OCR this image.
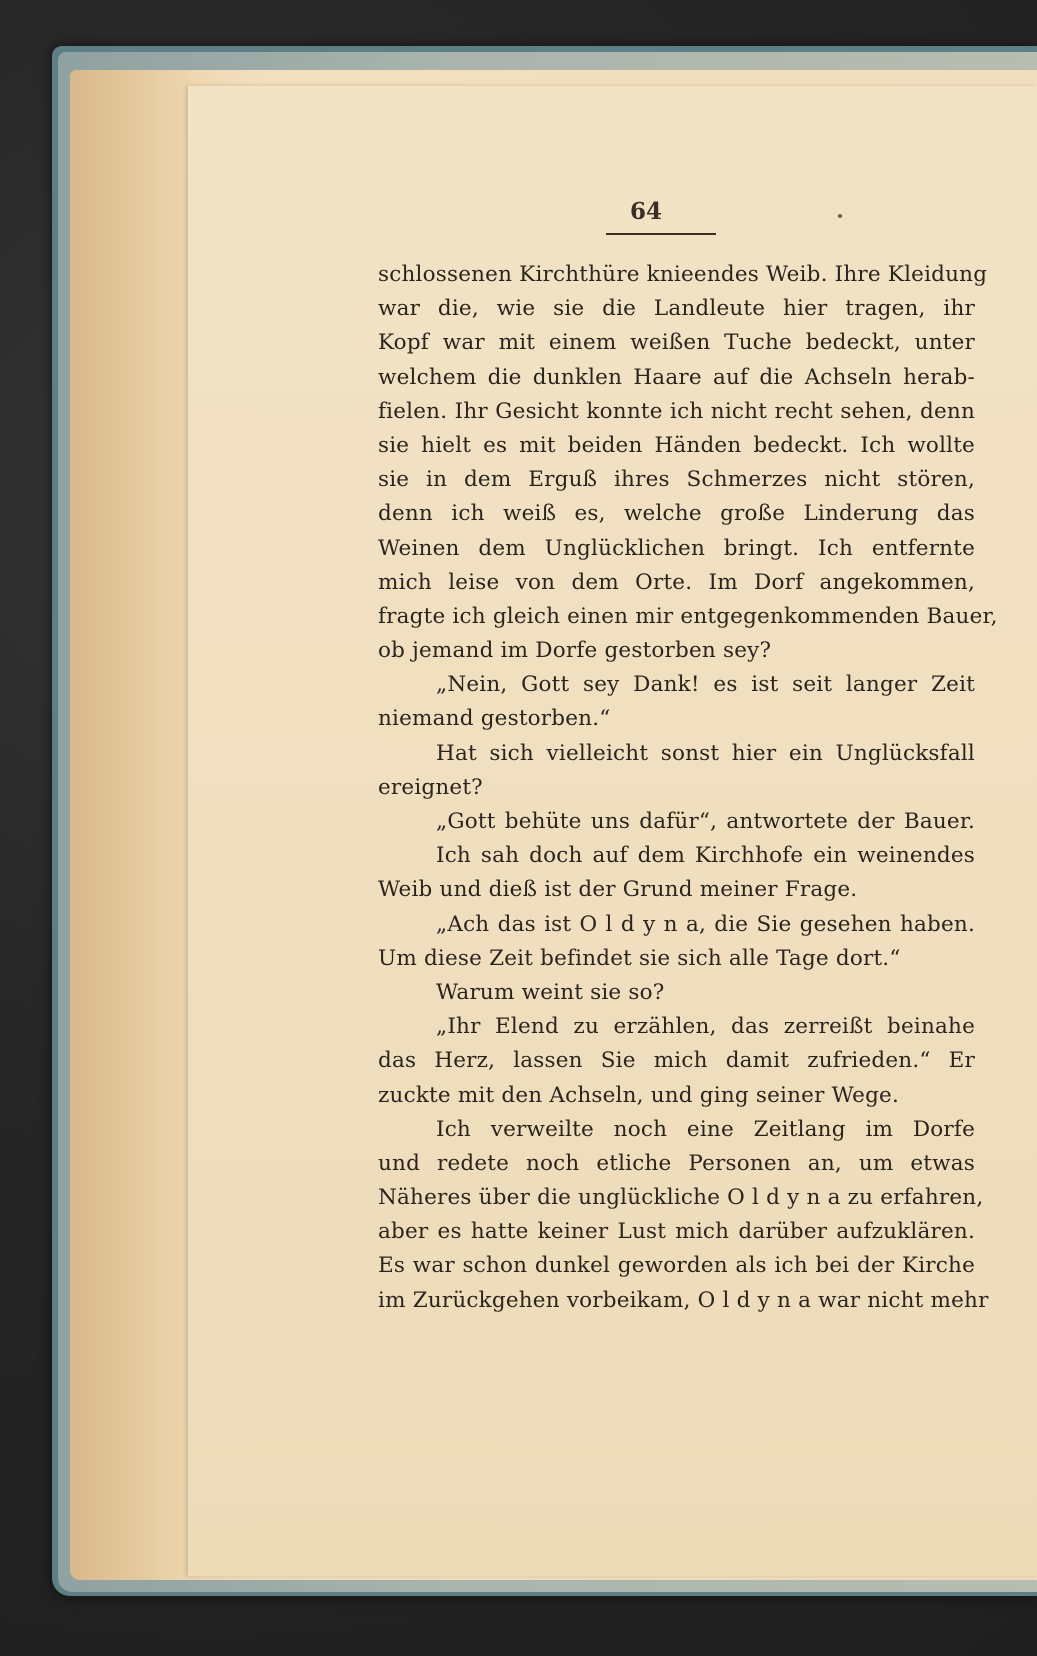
64
schlossenen Kirchthüre knieendes Weib. Ihre Kleidung
war die, wie sie die Landleute hier tragen, ihr
Kopf war mit einem weißen Tuche bedeckt, unter
welchem die dunklen Haare auf die Achseln herab-
fielen. Ihr Gesicht konnte ich nicht recht sehen, denn
sie hielt es mit beiden Händen bedeckt. Ich wollte
sie in dem Erguß ihres Schmerzes nicht stören,
denn ich weiß es, welche große Linderung das
Weinen dem Unglücklichen bringt. Ich entfernte
mich leise von dem Orte. Im Dorf angekommen,
fragte ich gleich einen mir entgegenkommenden Bauer,
ob jemand im Dorfe gestorben sey?
„Nein, Gott sey Dank! es ist seit langer Zeit
niemand gestorben.“
Hat sich vielleicht sonst hier ein Unglücksfall
ereignet?
„Gott behüte uns dafür“, antwortete der Bauer.
Ich sah doch auf dem Kirchhofe ein weinendes
Weib und dieß ist der Grund meiner Frage.
„Ach das ist O l d y n a, die Sie gesehen haben.
Um diese Zeit befindet sie sich alle Tage dort.“
Warum weint sie so?
„Ihr Elend zu erzählen, das zerreißt beinahe
das Herz, lassen Sie mich damit zufrieden.“ Er
zuckte mit den Achseln, und ging seiner Wege.
Ich verweilte noch eine Zeitlang im Dorfe
und redete noch etliche Personen an, um etwas
Näheres über die unglückliche O l d y n a zu erfahren,
aber es hatte keiner Lust mich darüber aufzuklären.
Es war schon dunkel geworden als ich bei der Kirche
im Zurückgehen vorbeikam, O l d y n a war nicht mehr
